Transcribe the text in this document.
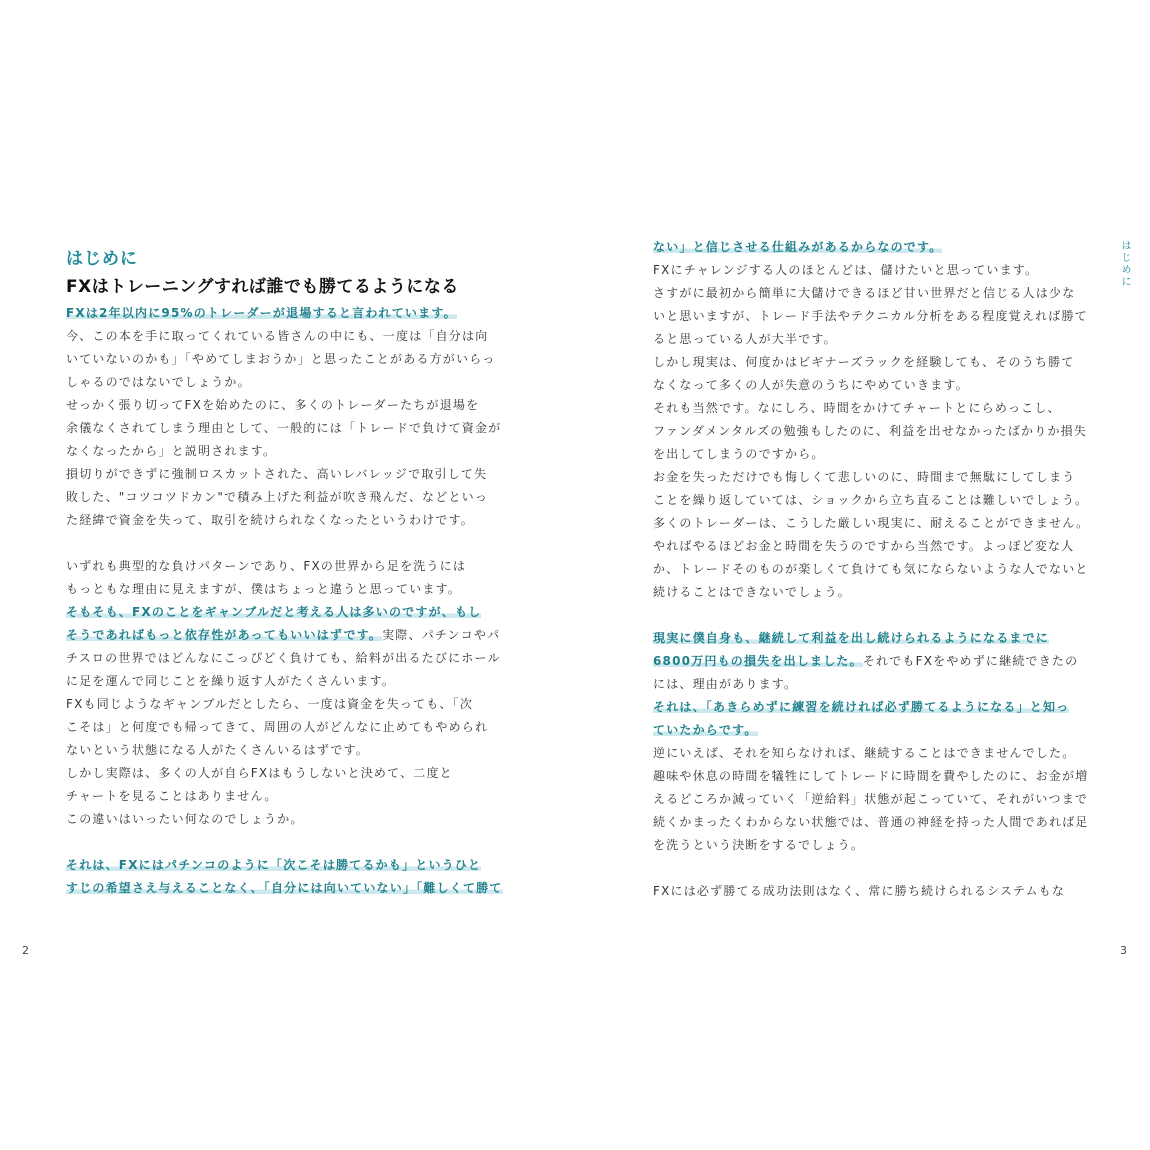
はじめに
FXはトレーニングすれば誰でも勝てるようになる
FXは2年以内に95%のトレーダーが退場すると言われています。
今、この本を手に取ってくれている皆さんの中にも、一度は「自分は向
いていないのかも」「やめてしまおうか」と思ったことがある方がいらっ
しゃるのではないでしょうか。
せっかく張り切ってFXを始めたのに、多くのトレーダーたちが退場を
余儀なくされてしまう理由として、一般的には「トレードで負けて資金が
なくなったから」と説明されます。
損切りができずに強制ロスカットされた、高いレバレッジで取引して失
敗した、"コツコツドカン"で積み上げた利益が吹き飛んだ、などといっ
た経緯で資金を失って、取引を続けられなくなったというわけです。
いずれも典型的な負けパターンであり、FXの世界から足を洗うには
もっともな理由に見えますが、僕はちょっと違うと思っています。
そもそも、FXのことをギャンブルだと考える人は多いのですが、もし
そうであればもっと依存性があってもいいはずです。実際、パチンコやパ
チスロの世界ではどんなにこっぴどく負けても、給料が出るたびにホール
に足を運んで同じことを繰り返す人がたくさんいます。
FXも同じようなギャンブルだとしたら、一度は資金を失っても、「次
こそは」と何度でも帰ってきて、周囲の人がどんなに止めてもやめられ
ないという状態になる人がたくさんいるはずです。
しかし実際は、多くの人が自らFXはもうしないと決めて、二度と
チャートを見ることはありません。
この違いはいったい何なのでしょうか。
それは、FXにはパチンコのように「次こそは勝てるかも」というひと
すじの希望さえ与えることなく、「自分には向いていない」「難しくて勝て
2
ない」と信じさせる仕組みがあるからなのです。
FXにチャレンジする人のほとんどは、儲けたいと思っています。
さすがに最初から簡単に大儲けできるほど甘い世界だと信じる人は少な
いと思いますが、トレード手法やテクニカル分析をある程度覚えれば勝て
ると思っている人が大半です。
しかし現実は、何度かはビギナーズラックを経験しても、そのうち勝て
なくなって多くの人が失意のうちにやめていきます。
それも当然です。なにしろ、時間をかけてチャートとにらめっこし、
ファンダメンタルズの勉強もしたのに、利益を出せなかったばかりか損失
を出してしまうのですから。
お金を失っただけでも悔しくて悲しいのに、時間まで無駄にしてしまう
ことを繰り返していては、ショックから立ち直ることは難しいでしょう。
多くのトレーダーは、こうした厳しい現実に、耐えることができません。
やればやるほどお金と時間を失うのですから当然です。よっぽど変な人
か、トレードそのものが楽しくて負けても気にならないような人でないと
続けることはできないでしょう。
現実に僕自身も、継続して利益を出し続けられるようになるまでに
6800万円もの損失を出しました。それでもFXをやめずに継続できたの
には、理由があります。
それは、「あきらめずに練習を続ければ必ず勝てるようになる」と知っ
ていたからです。
逆にいえば、それを知らなければ、継続することはできませんでした。
趣味や休息の時間を犠牲にしてトレードに時間を費やしたのに、お金が増
えるどころか減っていく「逆給料」状態が起こっていて、それがいつまで
続くかまったくわからない状態では、普通の神経を持った人間であれば足
を洗うという決断をするでしょう。
FXには必ず勝てる成功法則はなく、常に勝ち続けられるシステムもな
はじめに
3
